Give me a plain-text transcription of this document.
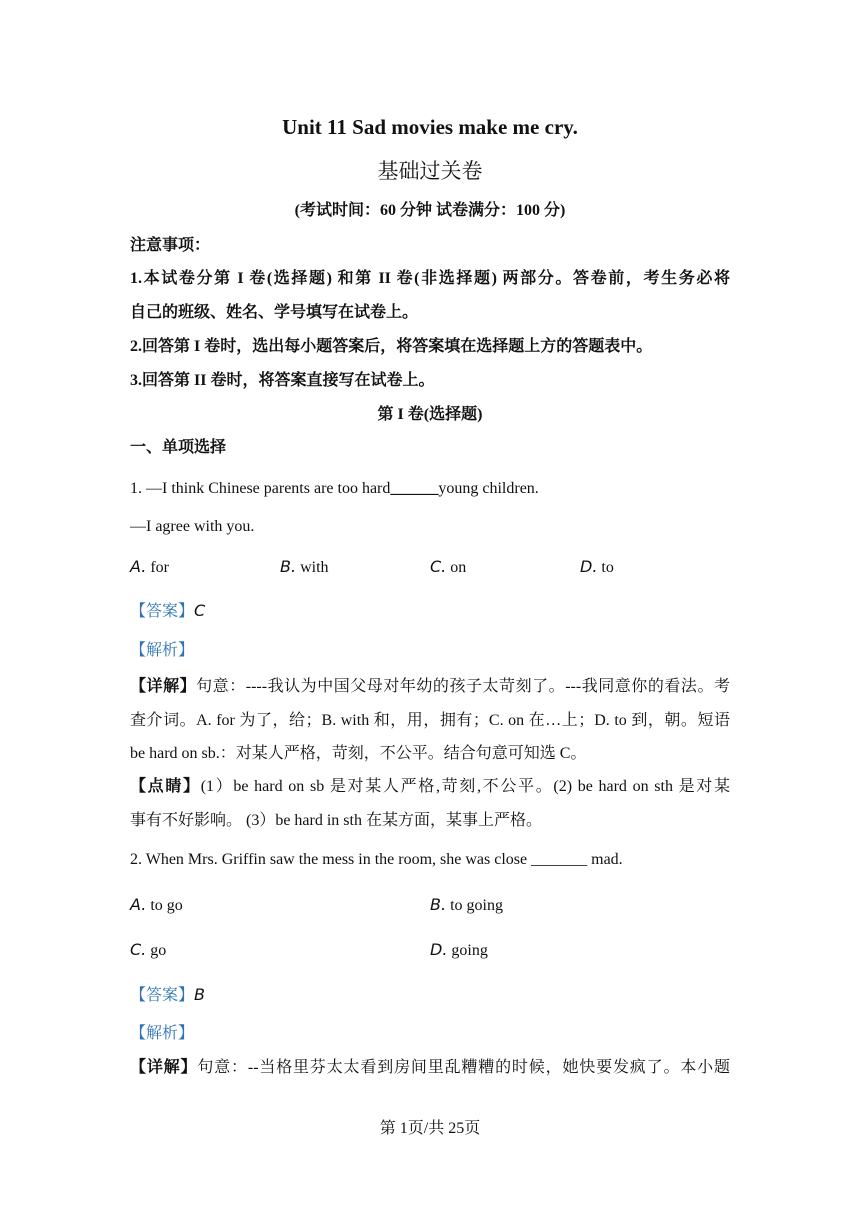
Unit 11 Sad movies make me cry.
基础过关卷
(考试时间：60 分钟 试卷满分：100 分)
注意事项：
1.本试卷分第 I 卷(选择题) 和第 II 卷(非选择题) 两部分。答卷前，考生务必将
自己的班级、姓名、学号填写在试卷上。
2.回答第 I 卷时，选出每小题答案后，将答案填在选择题上方的答题表中。
3.回答第 II 卷时，将答案直接写在试卷上。
第 I 卷(选择题)
一、单项选择
1. —I think Chinese parents are too hard______young children.
—I agree with you.
A. for	B. with	C. on	D. to
【答案】C
【解析】
【详解】句意：----我认为中国父母对年幼的孩子太苛刻了。---我同意你的看法。考
查介词。A. for 为了，给；B. with 和，用，拥有；C. on 在…上；D. to 到，朝。短语
be hard on sb.：对某人严格，苛刻，不公平。结合句意可知选 C。
【点睛】(1）be hard on sb 是对某人严格,苛刻,不公平。(2) be hard on sth 是对某
事有不好影响。 (3）be hard in sth 在某方面，某事上严格。
2. When Mrs. Griffin saw the mess in the room, she was close _______ mad.
A. to go	B. to going
C. go	D. going
【答案】B
【解析】
【详解】句意：--当格里芬太太看到房间里乱糟糟的时候，她快要发疯了。本小题
第 1页/共 25页
